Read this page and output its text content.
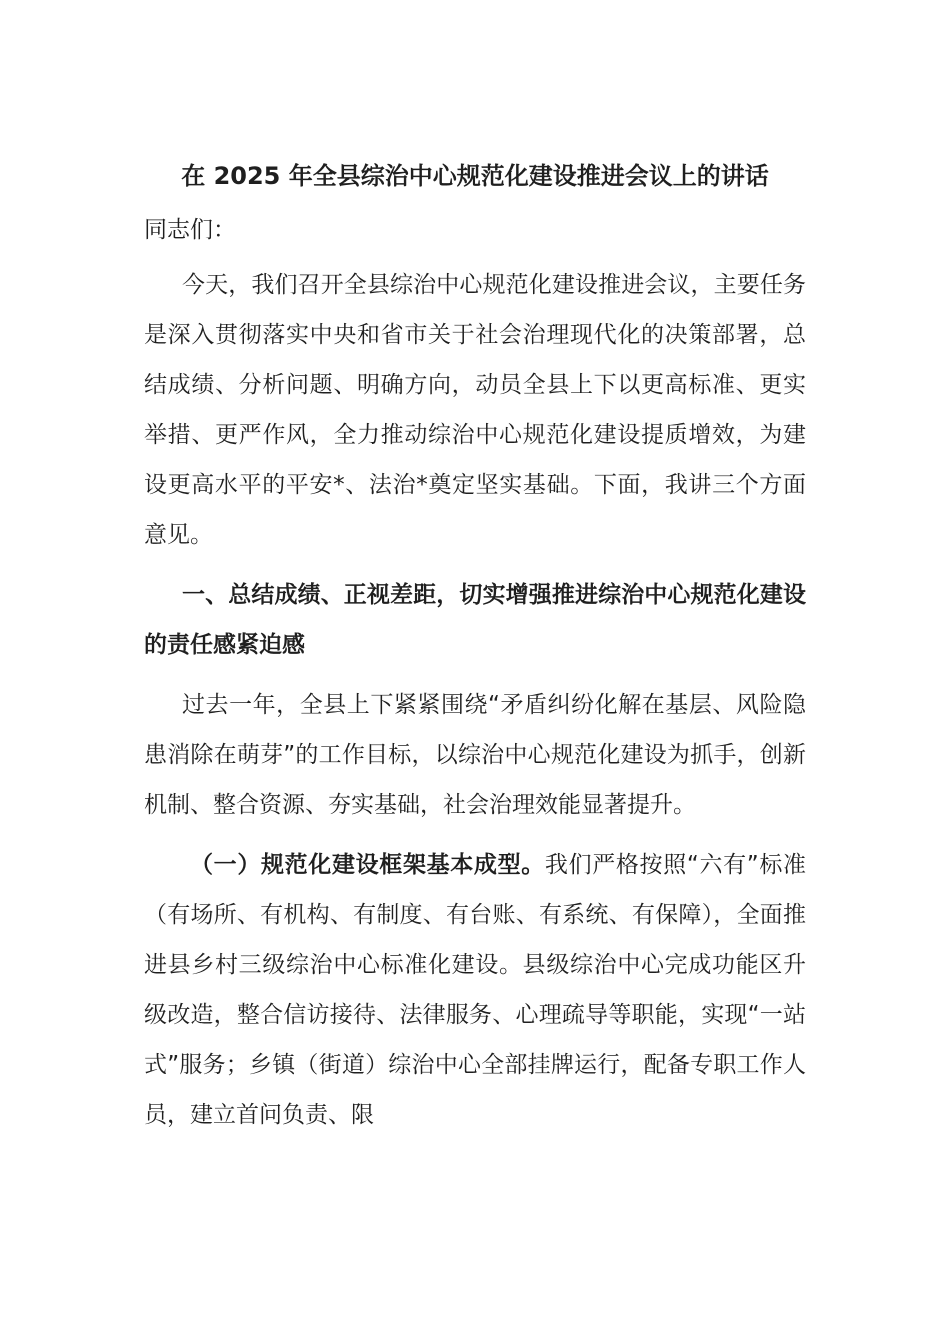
在 2025 年全县综治中心规范化建设推进会议上的讲话

同志们：

今天，我们召开全县综治中心规范化建设推进会议，主要任务是深入贯彻落实中央和省市关于社会治理现代化的决策部署，总结成绩、分析问题、明确方向，动员全县上下以更高标准、更实举措、更严作风，全力推动综治中心规范化建设提质增效，为建设更高水平的平安*、法治*奠定坚实基础。下面，我讲三个方面意见。

一、总结成绩、正视差距，切实增强推进综治中心规范化建设的责任感紧迫感

过去一年，全县上下紧紧围绕“矛盾纠纷化解在基层、风险隐患消除在萌芽”的工作目标，以综治中心规范化建设为抓手，创新机制、整合资源、夯实基础，社会治理效能显著提升。

（一）规范化建设框架基本成型。我们严格按照“六有”标准（有场所、有机构、有制度、有台账、有系统、有保障），全面推进县乡村三级综治中心标准化建设。县级综治中心完成功能区升级改造，整合信访接待、法律服务、心理疏导等职能，实现“一站式”服务；乡镇（街道）综治中心全部挂牌运行，配备专职工作人员，建立首问负责、限
